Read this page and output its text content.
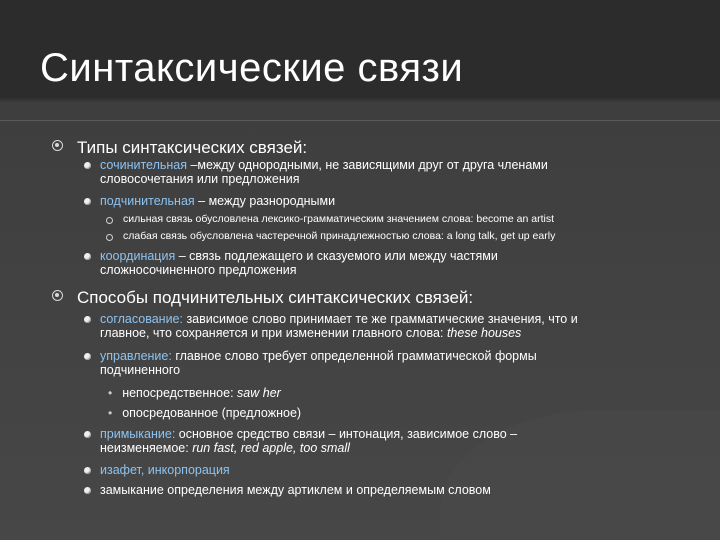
Синтаксические связи
Типы синтаксических связей:
сочинительная –между однородными, не зависящими друг от друга членами
словосочетания или предложения
подчинительная – между разнородными
сильная связь обусловлена лексико-грамматическим значением слова: become an artist
слабая связь обусловлена частеречной принадлежностью слова: a long talk, get up early
координация – связь подлежащего и сказуемого или между частями
сложносочиненного предложения
Способы подчинительных синтаксических связей:
согласование: зависимое слово принимает те же грамматические значения, что и
главное, что сохраняется и при изменении главного слова: these houses
управление: главное слово требует определенной грамматической формы
подчиненного
• непосредственное: saw her
• опосредованное (предложное)
примыкание: основное средство связи – интонация, зависимое слово –
неизменяемое: run fast, red apple, too small
изафет, инкорпорация
замыкание определения между артиклем и определяемым словом
